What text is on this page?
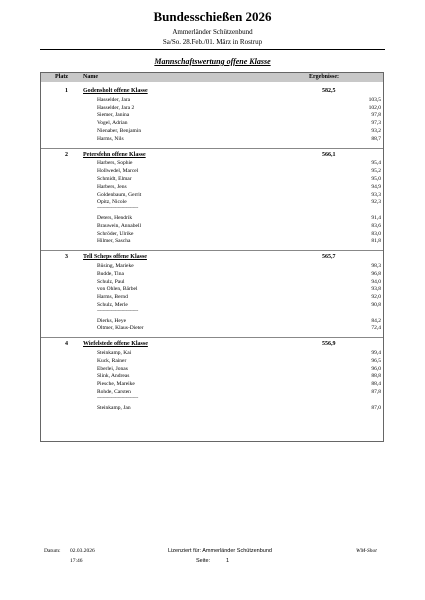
Bundesschießen 2026
Ammerländer Schützenbund
Sa/So. 28.Feb./01. März in Rostrup
Mannschaftswertung offene Klasse
Platz	Name	Ergebnisse:
1	Godensholt offene Klasse	582,5
Hasselder, Jara	103,5
Hasselder, Jara 2	102,0
Siemer, Janina	97,8
Vogel, Adrian	97,3
Nienaber, Benjamin	93,2
Harms, Nils	88,7
2	Petersfehn offene Klasse	566,1
Harbers, Sophie	95,4
Hollwedel, Marcel	95,2
Schmidt, Elmar	95,0
Harbers, Jens	94,9
Goldenbaum, Gerrit	93,3
Opitz, Nicole	92,3
------------------------------
Deters, Hendrik	91,4
Brauwein, Annabell	83,6
Schröder, Ulrike	83,0
Hilmer, Sascha	81,8
3	Tell Scheps offene Klasse	565,7
Büsing, Marieke	98,3
Budde, Tina	96,8
Schulz, Paul	94,0
von Ohlen, Bärbel	93,8
Harms, Bernd	92,0
Schulz, Merle	90,8
------------------------------
Dierks, Heye	84,2
Oltmer, Klaus-Dieter	72,4
4	Wiefelstede offene Klasse	556,9
Steinkamp, Kai	99,4
Kuck, Rainer	96,5
Eberlei, Jonas	96,0
Slink, Andreas	88,8
Piesche, Mareike	88,4
Rohde, Carsten	87,8
------------------------------
Steinkamp, Jan	87,0
Datum: 02.03.2026
17:46
Lizenziert für: Ammerländer Schützenbund
Seite:	1
WM-Shot
